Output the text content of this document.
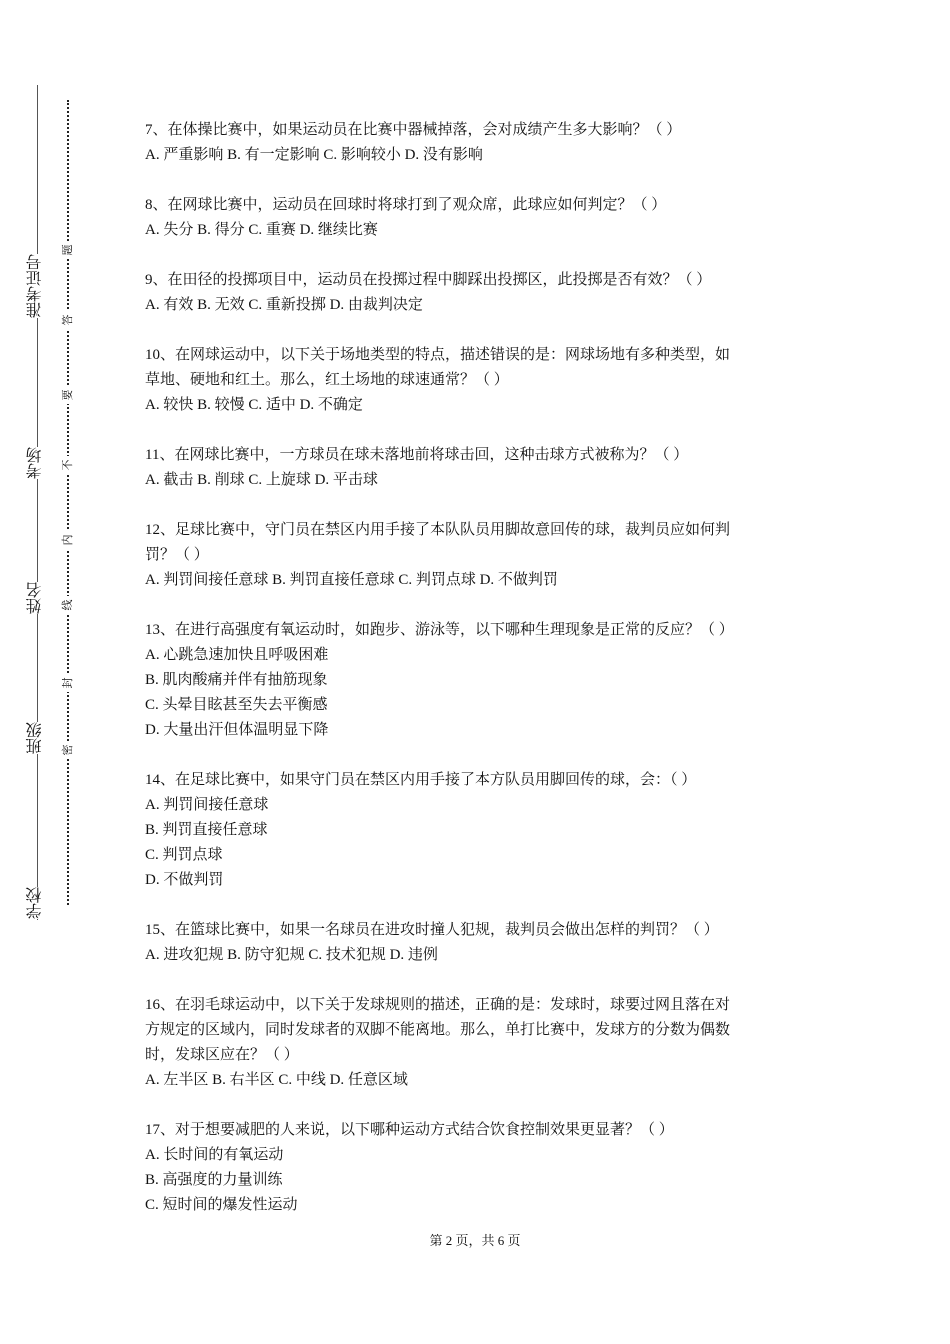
学校
班级
姓名
考场
准考证号
密
封
线
内
不
要
答
题
7、在体操比赛中，如果运动员在比赛中器械掉落，会对成绩产生多大影响？（ ）
A. 严重影响 B. 有一定影响 C. 影响较小 D. 没有影响
8、在网球比赛中，运动员在回球时将球打到了观众席，此球应如何判定？（ ）
A. 失分 B. 得分 C. 重赛 D. 继续比赛
9、在田径的投掷项目中，运动员在投掷过程中脚踩出投掷区，此投掷是否有效？（ ）
A. 有效 B. 无效 C. 重新投掷 D. 由裁判决定
10、在网球运动中，以下关于场地类型的特点，描述错误的是：网球场地有多种类型，如
草地、硬地和红土。那么，红土场地的球速通常？（ ）
A. 较快 B. 较慢 C. 适中 D. 不确定
11、在网球比赛中，一方球员在球未落地前将球击回，这种击球方式被称为？（ ）
A. 截击 B. 削球 C. 上旋球 D. 平击球
12、足球比赛中，守门员在禁区内用手接了本队队员用脚故意回传的球，裁判员应如何判
罚？（ ）
A. 判罚间接任意球 B. 判罚直接任意球 C. 判罚点球 D. 不做判罚
13、在进行高强度有氧运动时，如跑步、游泳等，以下哪种生理现象是正常的反应？（ ）
A. 心跳急速加快且呼吸困难
B. 肌肉酸痛并伴有抽筋现象
C. 头晕目眩甚至失去平衡感
D. 大量出汗但体温明显下降
14、在足球比赛中，如果守门员在禁区内用手接了本方队员用脚回传的球，会：（ ）
A. 判罚间接任意球
B. 判罚直接任意球
C. 判罚点球
D. 不做判罚
15、在篮球比赛中，如果一名球员在进攻时撞人犯规，裁判员会做出怎样的判罚？（ ）
A. 进攻犯规 B. 防守犯规 C. 技术犯规 D. 违例
16、在羽毛球运动中，以下关于发球规则的描述，正确的是：发球时，球要过网且落在对
方规定的区域内，同时发球者的双脚不能离地。那么，单打比赛中，发球方的分数为偶数
时，发球区应在？（ ）
A. 左半区 B. 右半区 C. 中线 D. 任意区域
17、对于想要减肥的人来说，以下哪种运动方式结合饮食控制效果更显著？（ ）
A. 长时间的有氧运动
B. 高强度的力量训练
C. 短时间的爆发性运动
第 2 页，共 6 页
